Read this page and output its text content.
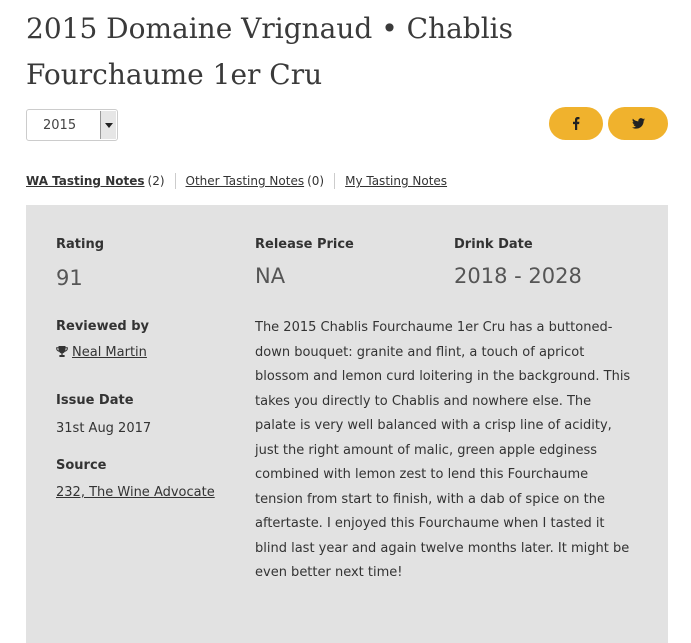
2015 Domaine Vrignaud • Chablis Fourchaume 1er Cru
2015
WA Tasting Notes (2) Other Tasting Notes (0) My Tasting Notes
Rating
91
Release Price
NA
Drink Date
2018 - 2028
Reviewed by
Neal Martin
Issue Date
31st Aug 2017
Source
232, The Wine Advocate

The 2015 Chablis Fourchaume 1er Cru has a buttoned-down bouquet: granite and flint, a touch of apricot blossom and lemon curd loitering in the background. This takes you directly to Chablis and nowhere else. The palate is very well balanced with a crisp line of acidity, just the right amount of malic, green apple edginess combined with lemon zest to lend this Fourchaume tension from start to finish, with a dab of spice on the aftertaste. I enjoyed this Fourchaume when I tasted it blind last year and again twelve months later. It might be even better next time!
